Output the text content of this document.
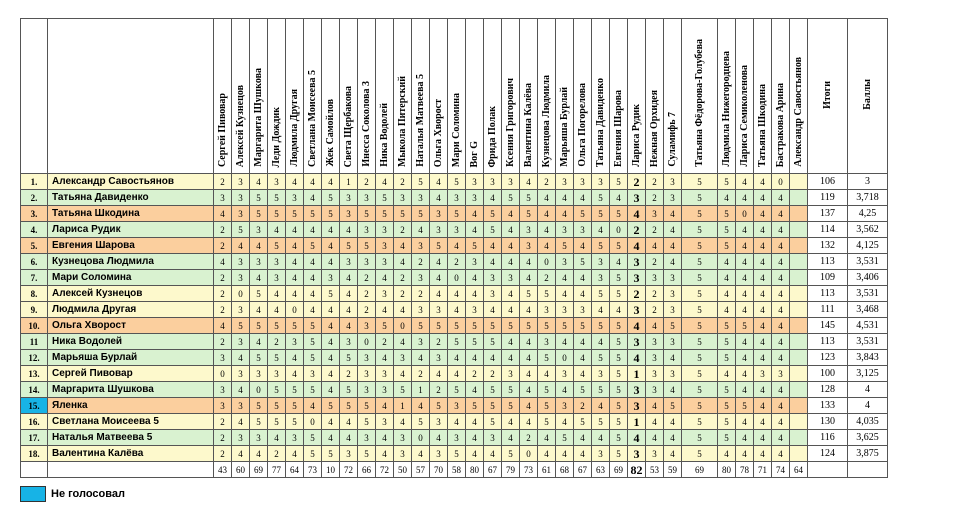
		Сергей Пивовар	Алексей Кузнецов	Маргарита Шушкова	Леди Дождик	Людмила Другая	Светлана Моисеева 5	Жек Самойлов	Света Щербакова	Инесса Соколова 3	Ника Водолей	Мыкола Питерский	Наталья Матвеева 5	Ольга Хворост	Мари Соломина	Boг G	Фрида Полак	Ксения Григорович	Валентина Калёва	Кузнецова Людмила	Марьяша Бурлай	Ольга Погорелова	Татьяна Давиденко	Евгения Шарова	Лариса Рудик	Нежная Орхидея	Суламифь 7	Татьяна Фёдорова-Голубева	Людмила Нижегородцева	Лариса Семиколенова	Татьяна Шкодина	Бастракова Арина	Александр Савостьянов	Итоги	Баллы
1.	Александр Савостьянов	2	3	4	3	4	4	4	1	2	4	2	5	4	5	3	3	3	4	2	3	3	3	5	2	2	3	5	5	4	4	0		106	3
2.	Татьяна Давиденко	3	3	5	5	3	4	5	3	3	5	3	3	4	3	3	4	5	5	4	4	4	5	4	3	2	3	5	4	4	4	4		119	3,718
3.	Татьяна Шкодина	4	3	5	5	5	5	5	3	5	5	5	5	3	5	4	5	4	5	4	4	5	5	5	4	3	4	5	5	0	4	4		137	4,25
4.	Лариса Рудик	2	5	3	4	4	4	4	4	3	3	2	4	3	3	4	5	4	3	4	3	3	4	0	2	2	4	5	5	4	4	4		114	3,562
5.	Евгения Шарова	2	4	4	5	4	5	4	5	5	3	4	3	5	4	5	4	4	3	4	5	4	5	5	4	4	4	5	5	4	4	4		132	4,125
6.	Кузнецова Людмила	4	3	3	3	4	4	4	3	3	3	4	2	4	2	3	4	4	4	0	3	5	3	4	3	2	4	5	4	4	4	4		113	3,531
7.	Мари Соломина	2	3	4	3	4	4	3	4	2	4	2	3	4	0	4	3	3	4	2	4	4	3	5	3	3	3	5	4	4	4	4		109	3,406
8.	Алексей Кузнецов	2	0	5	4	4	4	5	4	2	3	2	2	4	4	4	3	4	5	5	4	4	5	5	2	2	3	5	4	4	4	4		113	3,531
9.	Людмила Другая	2	3	4	4	0	4	4	4	2	4	4	3	3	4	3	4	4	4	3	3	3	4	4	3	2	3	5	4	4	4	4		111	3,468
10.	Ольга Хворост	4	5	5	5	5	5	4	4	3	5	0	5	5	5	5	5	5	5	5	5	5	5	5	4	4	5	5	5	5	4	4		145	4,531
11	Ника Водолей	2	3	4	2	3	5	4	3	0	2	4	3	2	5	5	5	4	4	3	4	4	4	5	3	3	3	5	5	4	4	4		113	3,531
12.	Марьяша Бурлай	3	4	5	5	4	5	4	5	3	4	3	4	3	4	4	4	4	4	5	0	4	5	5	4	3	4	5	5	4	4	4		123	3,843
13.	Сергей Пивовар	0	3	3	3	4	3	4	2	3	3	4	2	4	4	2	2	3	4	4	3	4	3	5	1	3	3	5	4	4	3	3		100	3,125
14.	Маргарита Шушкова	3	4	0	5	5	5	4	5	3	3	5	1	2	5	4	5	5	4	5	4	5	5	5	3	3	4	5	5	4	4	4		128	4
15.	Яленка	3	3	5	5	5	4	5	5	5	4	1	4	5	3	5	5	5	4	5	3	2	4	5	3	4	5	5	5	5	4	4		133	4
16.	Светлана Моисеева 5	2	4	5	5	5	0	4	4	5	3	4	5	3	4	4	5	4	4	5	4	5	5	5	1	4	4	5	5	4	4	4		130	4,035
17.	Наталья Матвеева 5	2	3	3	4	3	5	4	4	3	4	3	0	4	3	4	3	4	2	4	5	4	4	5	4	4	4	5	5	4	4	4		116	3,625
18.	Валентина Калёва	2	4	4	2	4	5	5	3	5	4	3	4	3	5	4	4	5	0	4	4	4	3	5	3	3	4	5	4	4	4	4		124	3,875
		43	60	69	77	64	73	10	72	66	72	50	57	70	58	80	67	79	73	61	68	67	63	69	82	53	59	69	80	78	71	74	64		
Не голосовал
